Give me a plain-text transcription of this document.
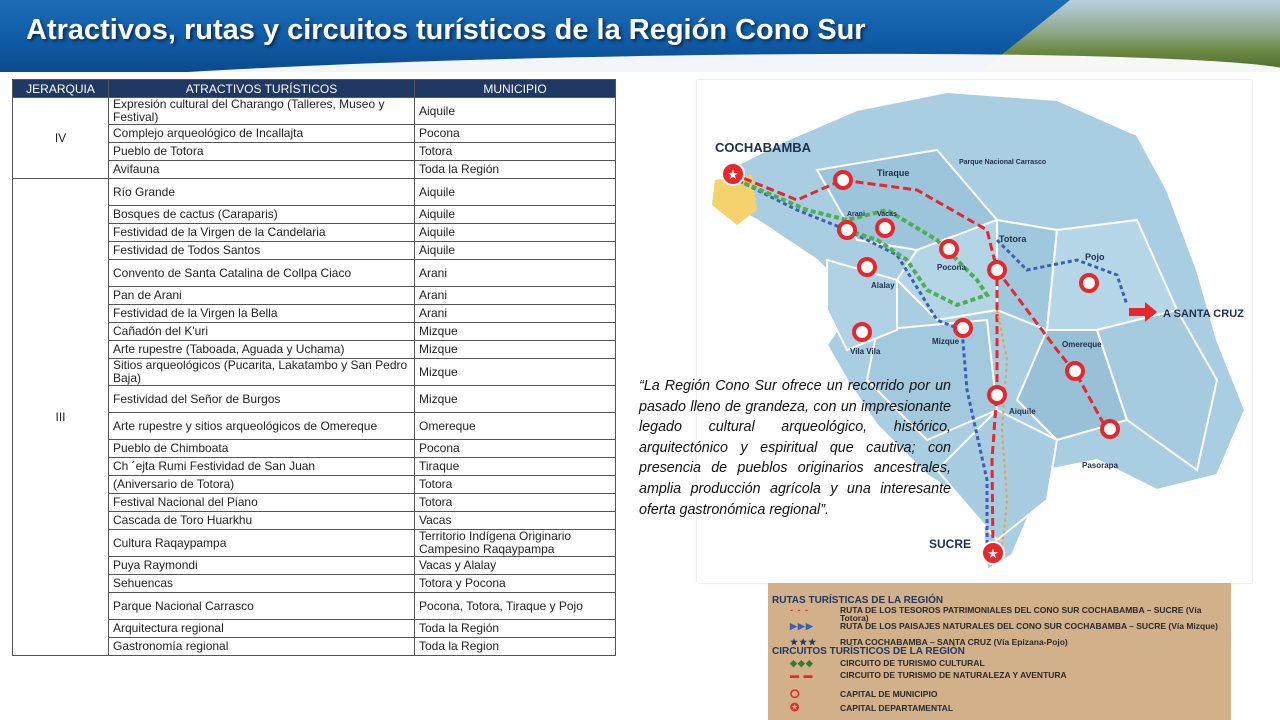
Atractivos, rutas y circuitos turísticos de la Región Cono Sur
JERARQUIA	ATRACTIVOS TURÍSTICOS	MUNICIPIO
IV	Expresión cultural del Charango (Talleres, Museo y Festival)	Aiquile
	Complejo arqueológico de Incallajta	Pocona
	Pueblo de Totora	Totora
	Avifauna	Toda la Región
III	Río Grande	Aiquile
	Bosques de cactus (Caraparis)	Aiquile
	Festividad de la Virgen de la Candelaria	Aiquile
	Festividad de Todos Santos	Aiquile
	Convento de Santa Catalina de Collpa Ciaco	Arani
	Pan de Arani	Arani
	Festividad de la Virgen la Bella	Arani
	Cañadón del K'uri	Mizque
	Arte rupestre (Taboada, Aguada y Uchama)	Mizque
	Sitios arqueológicos (Pucarita, Lakatambo y San Pedro Baja)	Mizque
	Festividad del Señor de Burgos	Mizque
	Arte rupestre y sitios arqueológicos de Omereque	Omereque
	Pueblo de Chimboata	Pocona
	Ch ´ejta Rumi Festividad de San Juan	Tiraque
	(Aniversario de Totora)	Totora
	Festival Nacional del Piano	Totora
	Cascada de Toro Huarkhu	Vacas
	Cultura Raqaypampa	Territorio Indígena Originario Campesino Raqaypampa
	Puya Raymondi	Vacas y Alalay
	Sehuencas	Totora y Pocona
	Parque Nacional Carrasco	Pocona, Totora, Tiraque y Pojo
	Arquitectura regional	Toda la Región
	Gastronomía regional	Toda la Region
★
★
COCHABAMBA
Tiraque
Parque Nacional Carrasco
Arani Vacas
Totora
Pocona
Pojo
Alalay
A SANTA CRUZ
Vila Vila
Mizque	Omereque
Aiquile
Pasorapa
SUCRE
“La Región Cono Sur ofrece un recorrido por un pasado lleno de grandeza, con un impresionante legado cultural arqueológico, histórico, arquitectónico y espiritual que cautiva; con presencia de pueblos originarios ancestrales, amplia producción agrícola y una interesante oferta gastronómica regional”.
RUTAS TURÍSTICAS DE LA REGIÓN
- - -	RUTA DE LOS TESOROS PATRIMONIALES DEL CONO SUR COCHABAMBA – SUCRE (Vía Totora)
▶▶▶	RUTA DE LOS PAISAJES NATURALES DEL CONO SUR COCHABAMBA – SUCRE (Vía Mizque)
★★★	RUTA COCHABAMBA – SANTA CRUZ (Vía Epizana-Pojo)
CIRCUITOS TURÍSTICOS DE LA REGIÓN
◆◆◆	CIRCUITO DE TURISMO CULTURAL
▬ ▬	CIRCUITO DE TURISMO DE NATURALEZA Y AVENTURA
⭘	CAPITAL DE MUNICIPIO
✪	CAPITAL DEPARTAMENTAL
